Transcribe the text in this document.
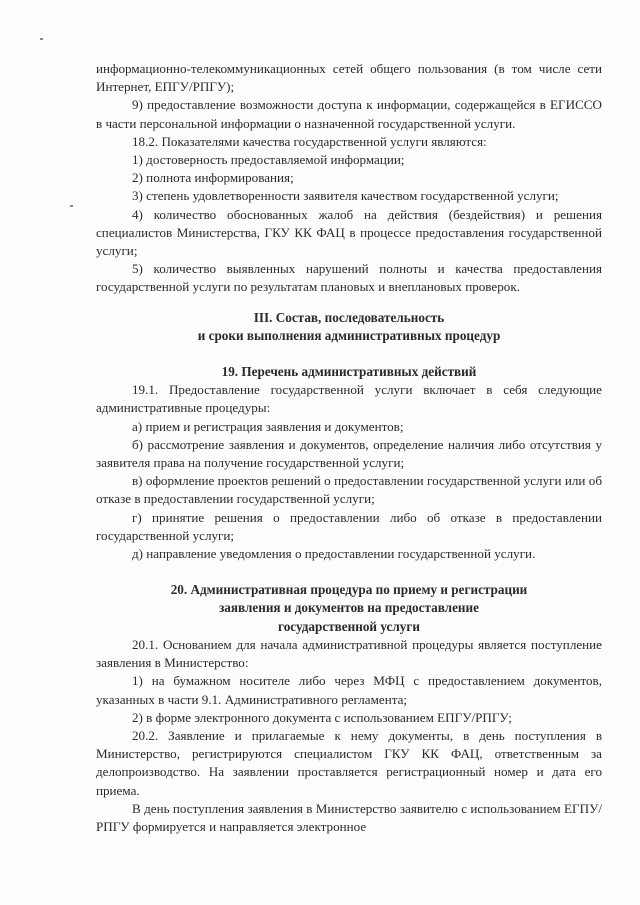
информационно-телекоммуникационных сетей общего пользования (в том числе сети Интернет, ЕПГУ/РПГУ);

9) предоставление возможности доступа к информации, содержащейся в ЕГИССО в части персональной информации о назначенной государственной услуги.

18.2. Показателями качества государственной услуги являются:

1) достоверность предоставляемой информации;

2) полнота информирования;

3) степень удовлетворенности заявителя качеством государственной услуги;

4) количество обоснованных жалоб на действия (бездействия) и решения специалистов Министерства, ГКУ КК ФАЦ в процессе предоставления государственной услуги;

5) количество выявленных нарушений полноты и качества предоставления государственной услуги по результатам плановых и внеплановых проверок.

III. Состав, последовательность
и сроки выполнения административных процедур
19. Перечень административных действий

19.1. Предоставление государственной услуги включает в себя следующие административные процедуры:

а) прием и регистрация заявления и документов;

б) рассмотрение заявления и документов, определение наличия либо отсутствия у заявителя права на получение государственной услуги;

в) оформление проектов решений о предоставлении государственной услуги или об отказе в предоставлении государственной услуги;

г) принятие решения о предоставлении либо об отказе в предоставлении государственной услуги;

д) направление уведомления о предоставлении государственной услуги.

20. Административная процедура по приему и регистрации
заявления и документов на предоставление
государственной услуги

20.1. Основанием для начала административной процедуры является поступление заявления в Министерство:

1) на бумажном носителе либо через МФЦ с предоставлением документов, указанных в части 9.1. Административного регламента;

2) в форме электронного документа с использованием ЕПГУ/РПГУ;

20.2. Заявление и прилагаемые к нему документы, в день поступления в Министерство, регистрируются специалистом ГКУ КК ФАЦ, ответственным за делопроизводство. На заявлении проставляется регистрационный номер и дата его приема.

В день поступления заявления в Министерство заявителю с использованием ЕГПУ/РПГУ формируется и направляется электронное
